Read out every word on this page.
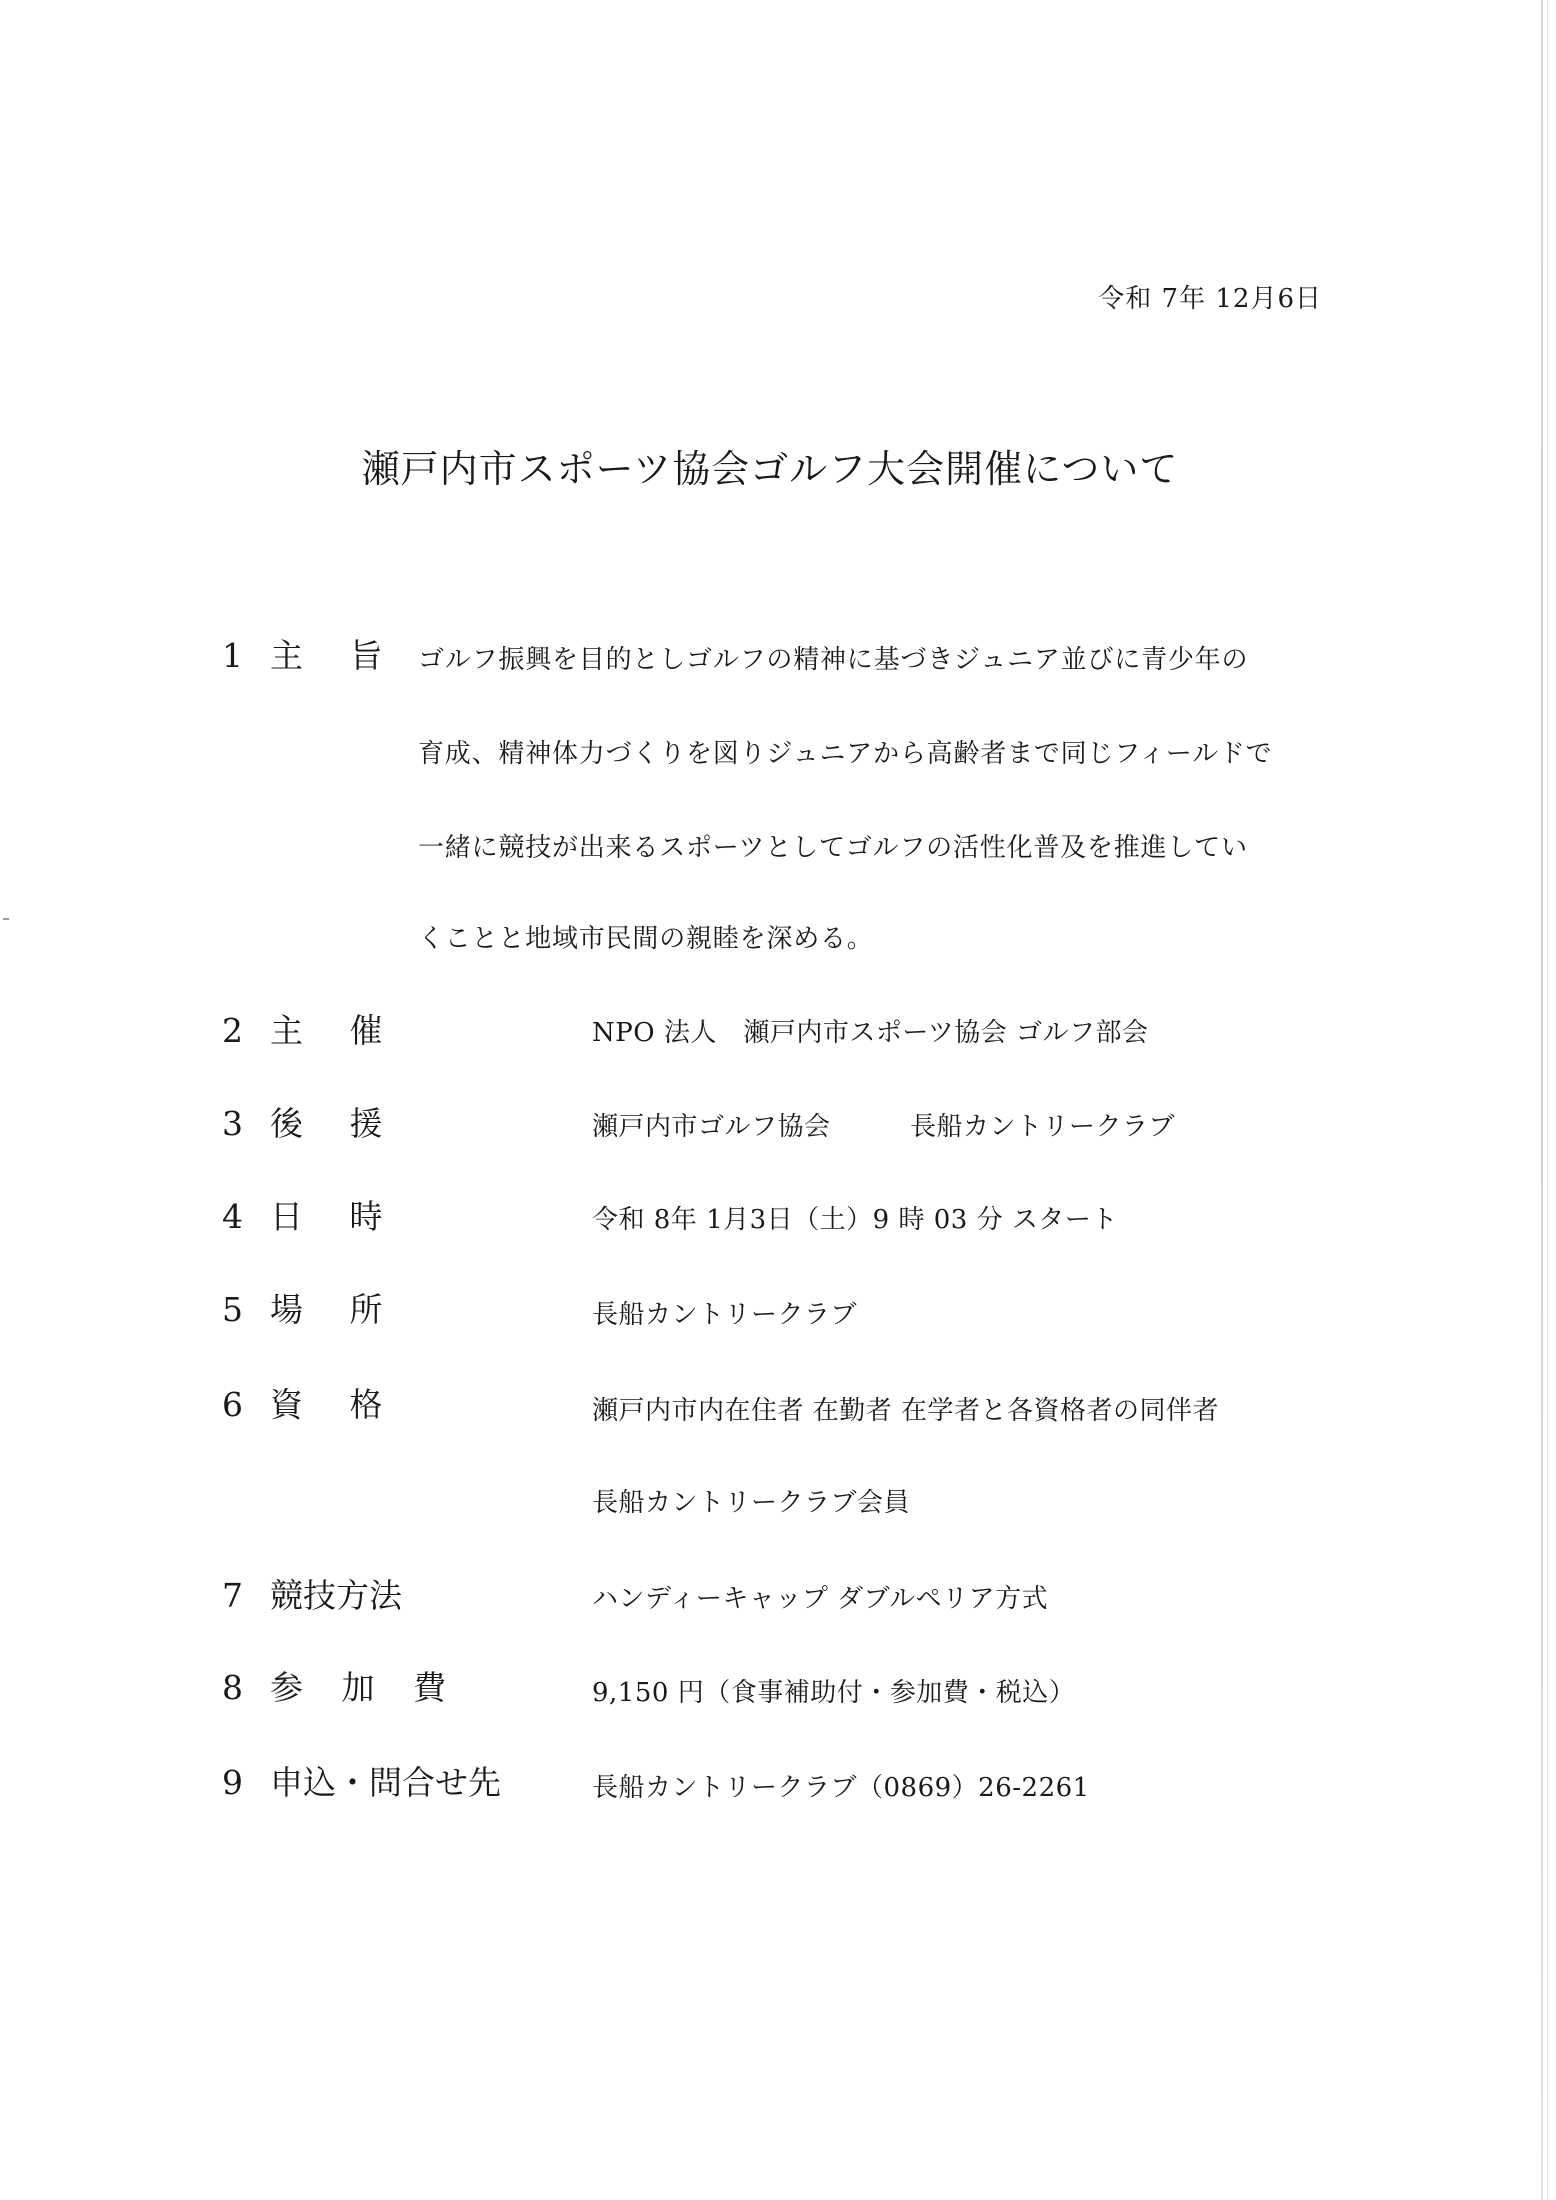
令和 7年 12月6日
瀬戸内市スポーツ協会ゴルフ大会開催について
1 主 旨 ゴルフ振興を目的としゴルフの精神に基づきジュニア並びに青少年の
育成、精神体力づくりを図りジュニアから高齢者まで同じフィールドで
一緒に競技が出来るスポーツとしてゴルフの活性化普及を推進してい
くことと地域市民間の親睦を深める。
2 主 催	NPO 法人　瀬戸内市スポーツ協会 ゴルフ部会
3 後 援	瀬戸内市ゴルフ協会　　　長船カントリークラブ
4 日 時	令和 8年 1月3日（土）9 時 03 分 スタート
5 場 所	長船カントリークラブ
6 資 格	瀬戸内市内在住者 在勤者 在学者と各資格者の同伴者
長船カントリークラブ会員
7 競技方法	ハンディーキャップ ダブルペリア方式
8 参 加 費	9,150 円（食事補助付・参加費・税込）
9 申込・問合せ先	長船カントリークラブ（0869）26-2261
